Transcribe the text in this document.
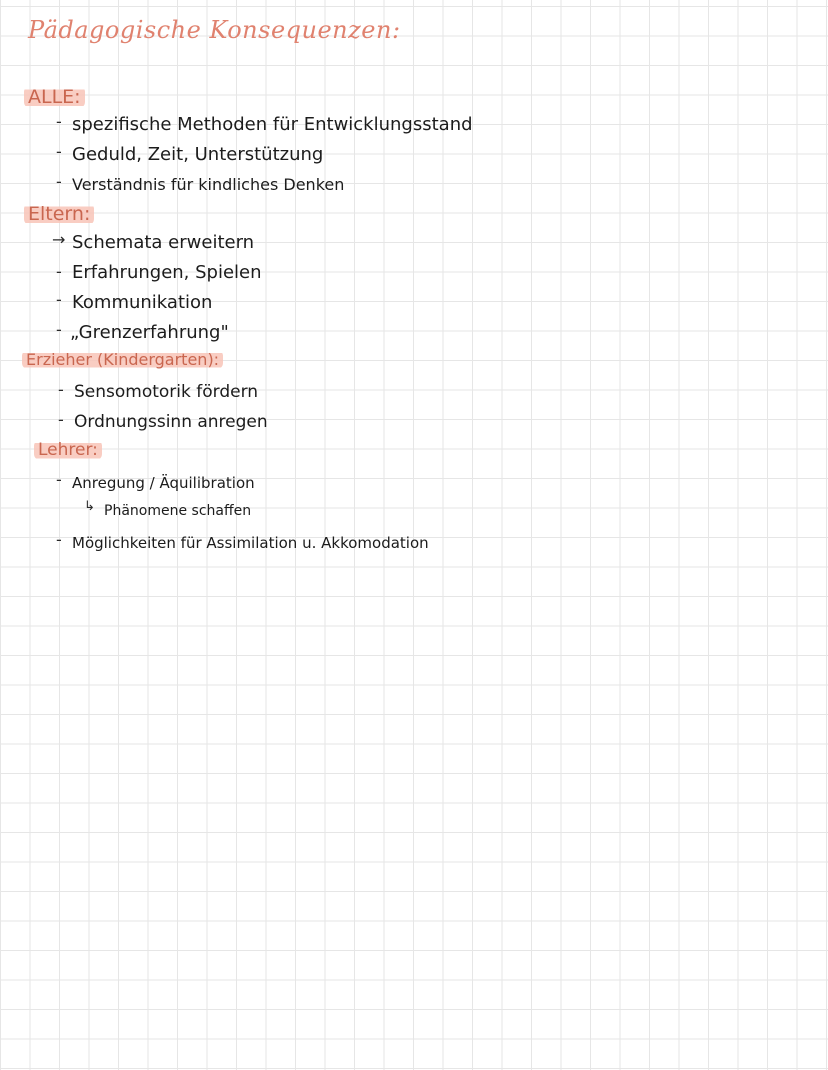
Pädagogische Konsequenzen:
ALLE:
- spezifische Methoden für Entwicklungsstand
- Geduld, Zeit, Unterstützung
- Verständnis für kindliches Denken
Eltern:
→ Schemata erweitern
- Erfahrungen, Spielen
- Kommunikation
- „Grenzerfahrung"
Erzieher (Kindergarten):
- Sensomotorik fördern
- Ordnungssinn anregen
Lehrer:
- Anregung / Äquilibration
↳ Phänomene schaffen
- Möglichkeiten für Assimilation u. Akkomodation
